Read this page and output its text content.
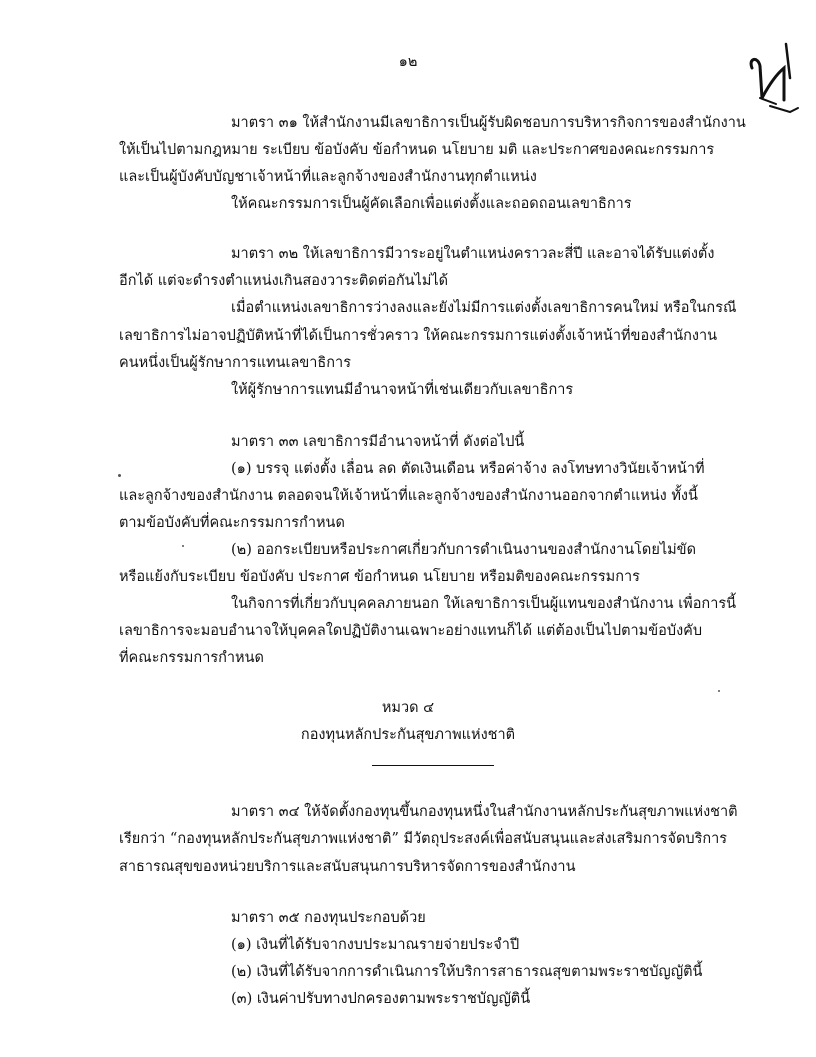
๑๒
มาตรา ๓๑ ให้สำนักงานมีเลขาธิการเป็นผู้รับผิดชอบการบริหารกิจการของสำนักงาน
ให้เป็นไปตามกฎหมาย ระเบียบ ข้อบังคับ ข้อกำหนด นโยบาย มติ และประกาศของคณะกรรมการ
และเป็นผู้บังคับบัญชาเจ้าหน้าที่และลูกจ้างของสำนักงานทุกตำแหน่ง
ให้คณะกรรมการเป็นผู้คัดเลือกเพื่อแต่งตั้งและถอดถอนเลขาธิการ
มาตรา ๓๒ ให้เลขาธิการมีวาระอยู่ในตำแหน่งคราวละสี่ปี และอาจได้รับแต่งตั้ง
อีกได้ แต่จะดำรงตำแหน่งเกินสองวาระติดต่อกันไม่ได้
เมื่อตำแหน่งเลขาธิการว่างลงและยังไม่มีการแต่งตั้งเลขาธิการคนใหม่ หรือในกรณี
เลขาธิการไม่อาจปฏิบัติหน้าที่ได้เป็นการชั่วคราว ให้คณะกรรมการแต่งตั้งเจ้าหน้าที่ของสำนักงาน
คนหนึ่งเป็นผู้รักษาการแทนเลขาธิการ
ให้ผู้รักษาการแทนมีอำนาจหน้าที่เช่นเดียวกับเลขาธิการ
มาตรา ๓๓ เลขาธิการมีอำนาจหน้าที่ ดังต่อไปนี้
(๑) บรรจุ แต่งตั้ง เลื่อน ลด ตัดเงินเดือน หรือค่าจ้าง ลงโทษทางวินัยเจ้าหน้าที่
และลูกจ้างของสำนักงาน ตลอดจนให้เจ้าหน้าที่และลูกจ้างของสำนักงานออกจากตำแหน่ง ทั้งนี้
ตามข้อบังคับที่คณะกรรมการกำหนด
(๒) ออกระเบียบหรือประกาศเกี่ยวกับการดำเนินงานของสำนักงานโดยไม่ขัด
หรือแย้งกับระเบียบ ข้อบังคับ ประกาศ ข้อกำหนด นโยบาย หรือมติของคณะกรรมการ
ในกิจการที่เกี่ยวกับบุคคลภายนอก ให้เลขาธิการเป็นผู้แทนของสำนักงาน เพื่อการนี้
เลขาธิการจะมอบอำนาจให้บุคคลใดปฏิบัติงานเฉพาะอย่างแทนก็ได้ แต่ต้องเป็นไปตามข้อบังคับ
ที่คณะกรรมการกำหนด
หมวด ๔
กองทุนหลักประกันสุขภาพแห่งชาติ
มาตรา ๓๔ ให้จัดตั้งกองทุนขึ้นกองทุนหนึ่งในสำนักงานหลักประกันสุขภาพแห่งชาติ
เรียกว่า “กองทุนหลักประกันสุขภาพแห่งชาติ” มีวัตถุประสงค์เพื่อสนับสนุนและส่งเสริมการจัดบริการ
สาธารณสุขของหน่วยบริการและสนับสนุนการบริหารจัดการของสำนักงาน
มาตรา ๓๕ กองทุนประกอบด้วย
(๑) เงินที่ได้รับจากงบประมาณรายจ่ายประจำปี
(๒) เงินที่ได้รับจากการดำเนินการให้บริการสาธารณสุขตามพระราชบัญญัตินี้
(๓) เงินค่าปรับทางปกครองตามพระราชบัญญัตินี้
